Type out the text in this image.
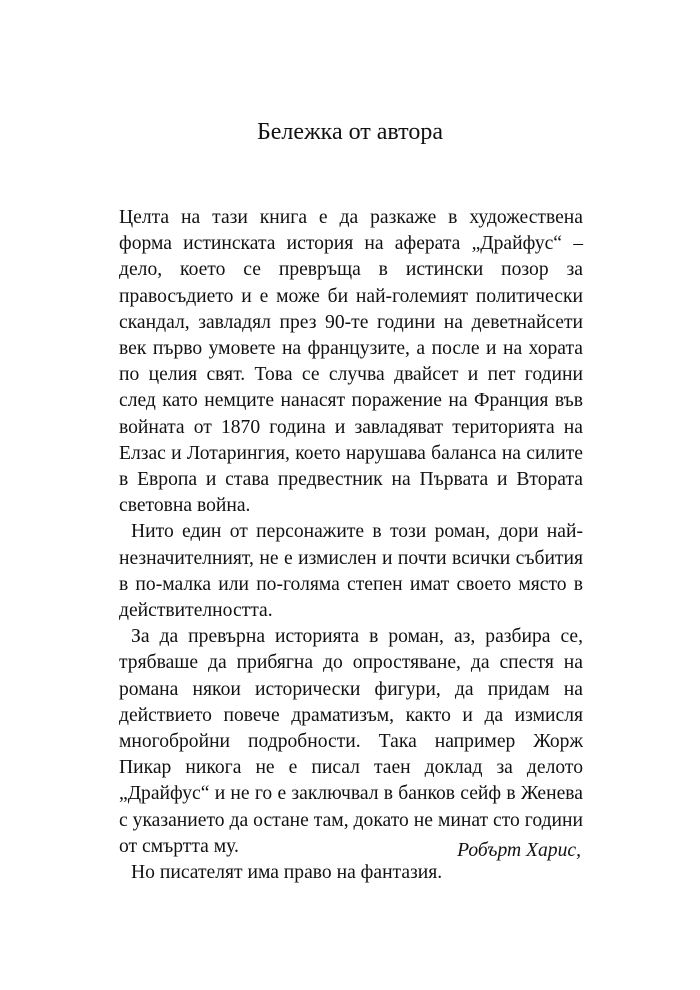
Бележка от автора

Целта на тази книга е да разкаже в художествена форма истинската история на аферата „Драйфус“ – дело, което се превръща в истински позор за правосъдието и е може би най-големият политически скандал, завладял през 90-те години на деветнайсети век първо умовете на французите, а после и на хората по целия свят. Това се случва двайсет и пет години след като немците нанасят поражение на Франция във войната от 1870 година и завладяват територията на Елзас и Лотарингия, което нарушава баланса на силите в Европа и става предвестник на Първата и Втората световна война.

Нито един от персонажите в този роман, дори най-незначителният, не е измислен и почти всички събития в по-малка или по-голяма степен имат своето място в действителността.

За да превърна историята в роман, аз, разбира се, трябваше да прибягна до опростяване, да спестя на романа някои исторически фигури, да придам на действието повече драматизъм, както и да измисля многобройни подробности. Така например Жорж Пикар никога не е писал таен доклад за делото „Драйфус“ и не го е заключвал в банков сейф в Женева с указанието да остане там, докато не минат сто години от смъртта му.

Но писателят има право на фантазия.

Робърт Харис,
